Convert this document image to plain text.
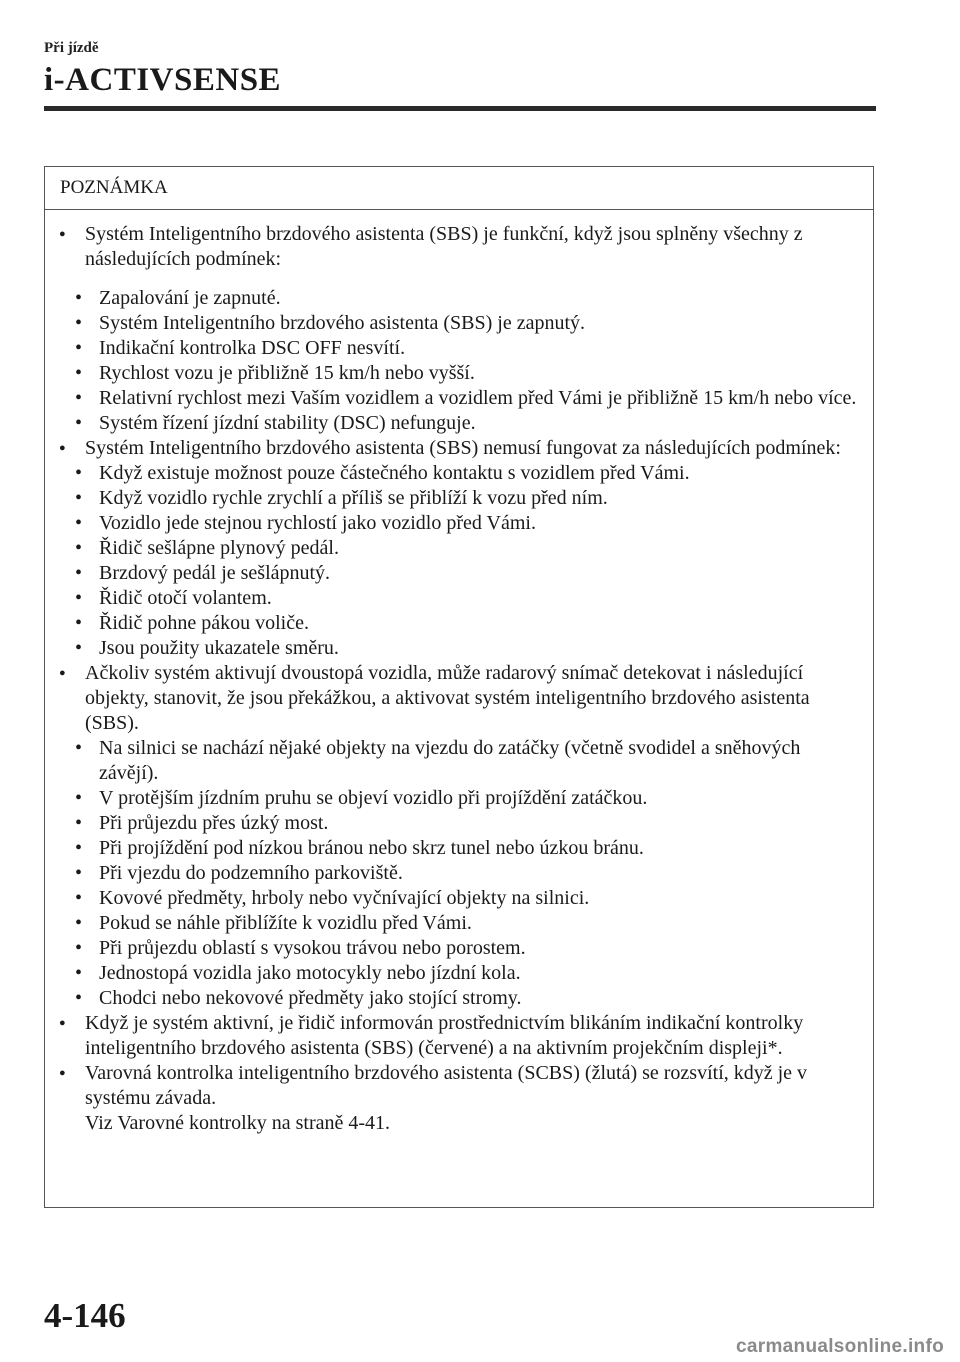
Při jízdě
i-ACTIVSENSE
POZNÁMKA
● Systém Inteligentního brzdového asistenta (SBS) je funkční, když jsou splněny všechny z následujících podmínek:
• Zapalování je zapnuté.
• Systém Inteligentního brzdového asistenta (SBS) je zapnutý.
• Indikační kontrolka DSC OFF nesvítí.
• Rychlost vozu je přibližně 15 km/h nebo vyšší.
• Relativní rychlost mezi Vaším vozidlem a vozidlem před Vámi je přibližně 15 km/h nebo více.
• Systém řízení jízdní stability (DSC) nefunguje.
● Systém Inteligentního brzdového asistenta (SBS) nemusí fungovat za následujících podmínek:
• Když existuje možnost pouze částečného kontaktu s vozidlem před Vámi.
• Když vozidlo rychle zrychlí a příliš se přiblíží k vozu před ním.
• Vozidlo jede stejnou rychlostí jako vozidlo před Vámi.
• Řidič sešlápne plynový pedál.
• Brzdový pedál je sešlápnutý.
• Řidič otočí volantem.
• Řidič pohne pákou voliče.
• Jsou použity ukazatele směru.
● Ačkoliv systém aktivují dvoustopá vozidla, může radarový snímač detekovat i následující objekty, stanovit, že jsou překážkou, a aktivovat systém inteligentního brzdového asistenta (SBS).
• Na silnici se nachází nějaké objekty na vjezdu do zatáčky (včetně svodidel a sněhových závějí).
• V protějším jízdním pruhu se objeví vozidlo při projíždění zatáčkou.
• Při průjezdu přes úzký most.
• Při projíždění pod nízkou bránou nebo skrz tunel nebo úzkou bránu.
• Při vjezdu do podzemního parkoviště.
• Kovové předměty, hrboly nebo vyčnívající objekty na silnici.
• Pokud se náhle přiblížíte k vozidlu před Vámi.
• Při průjezdu oblastí s vysokou trávou nebo porostem.
• Jednostopá vozidla jako motocykly nebo jízdní kola.
• Chodci nebo nekovové předměty jako stojící stromy.
● Když je systém aktivní, je řidič informován prostřednictvím blikáním indikační kontrolky inteligentního brzdového asistenta (SBS) (červené) a na aktivním projekčním displeji*.
● Varovná kontrolka inteligentního brzdového asistenta (SCBS) (žlutá) se rozsvítí, když je v systému závada.
Viz Varovné kontrolky na straně 4-41.
4-146
carmanualsonline.info
